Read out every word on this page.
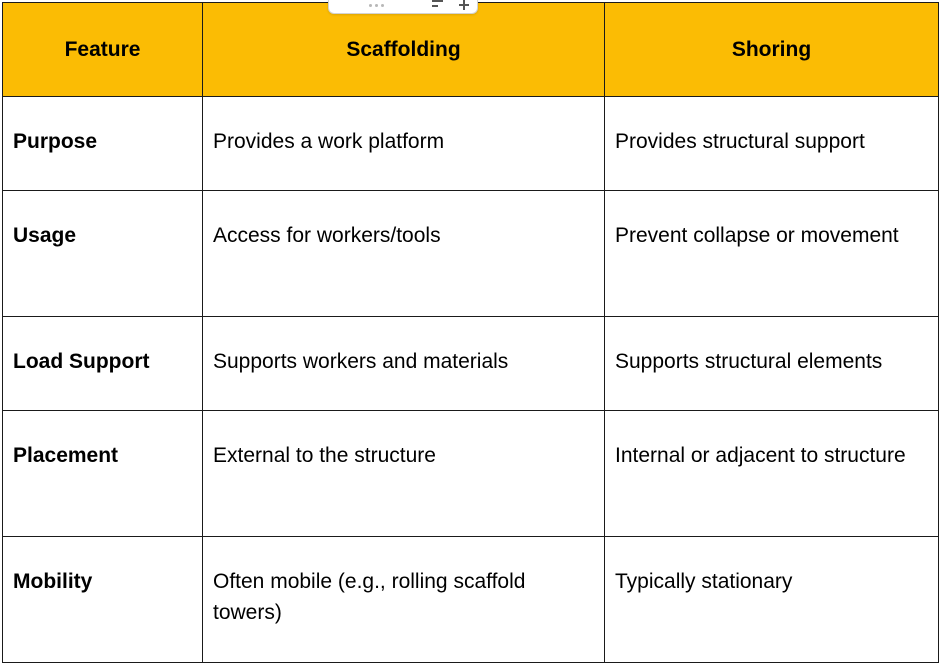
Feature	Scaffolding	Shoring
Purpose	Provides a work platform	Provides structural support
Usage	Access for workers/tools	Prevent collapse or movement
Load Support	Supports workers and materials	Supports structural elements
Placement	External to the structure	Internal or adjacent to structure
Mobility	Often mobile (e.g., rolling scaffold towers)	Typically stationary
